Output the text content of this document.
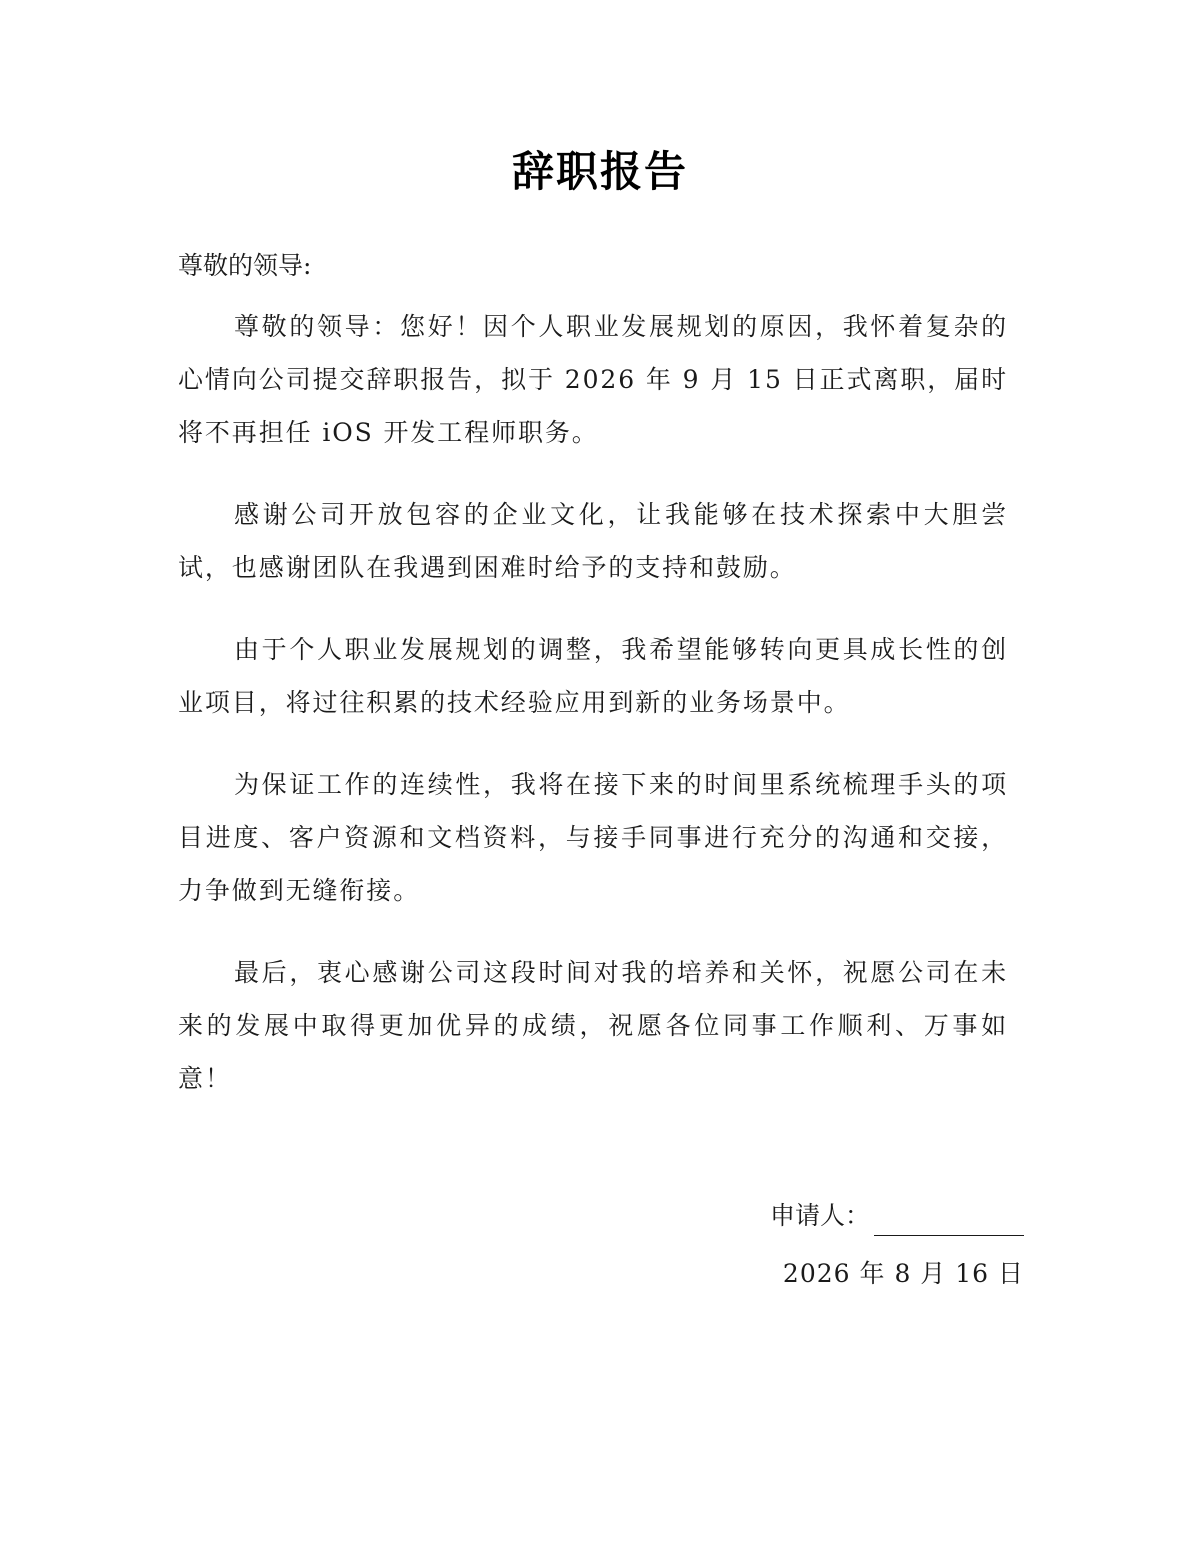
辞职报告
尊敬的领导:

尊敬的领导：您好！因个人职业发展规划的原因，我怀着复杂的心情向公司提交辞职报告，拟于 2026 年 9 月 15 日正式离职，届时将不再担任 iOS 开发工程师职务。

感谢公司开放包容的企业文化，让我能够在技术探索中大胆尝试，也感谢团队在我遇到困难时给予的支持和鼓励。

由于个人职业发展规划的调整，我希望能够转向更具成长性的创业项目，将过往积累的技术经验应用到新的业务场景中。

为保证工作的连续性，我将在接下来的时间里系统梳理手头的项目进度、客户资源和文档资料，与接手同事进行充分的沟通和交接，力争做到无缝衔接。

最后，衷心感谢公司这段时间对我的培养和关怀，祝愿公司在未来的发展中取得更加优异的成绩，祝愿各位同事工作顺利、万事如意！

申请人：
2026 年 8 月 16 日
